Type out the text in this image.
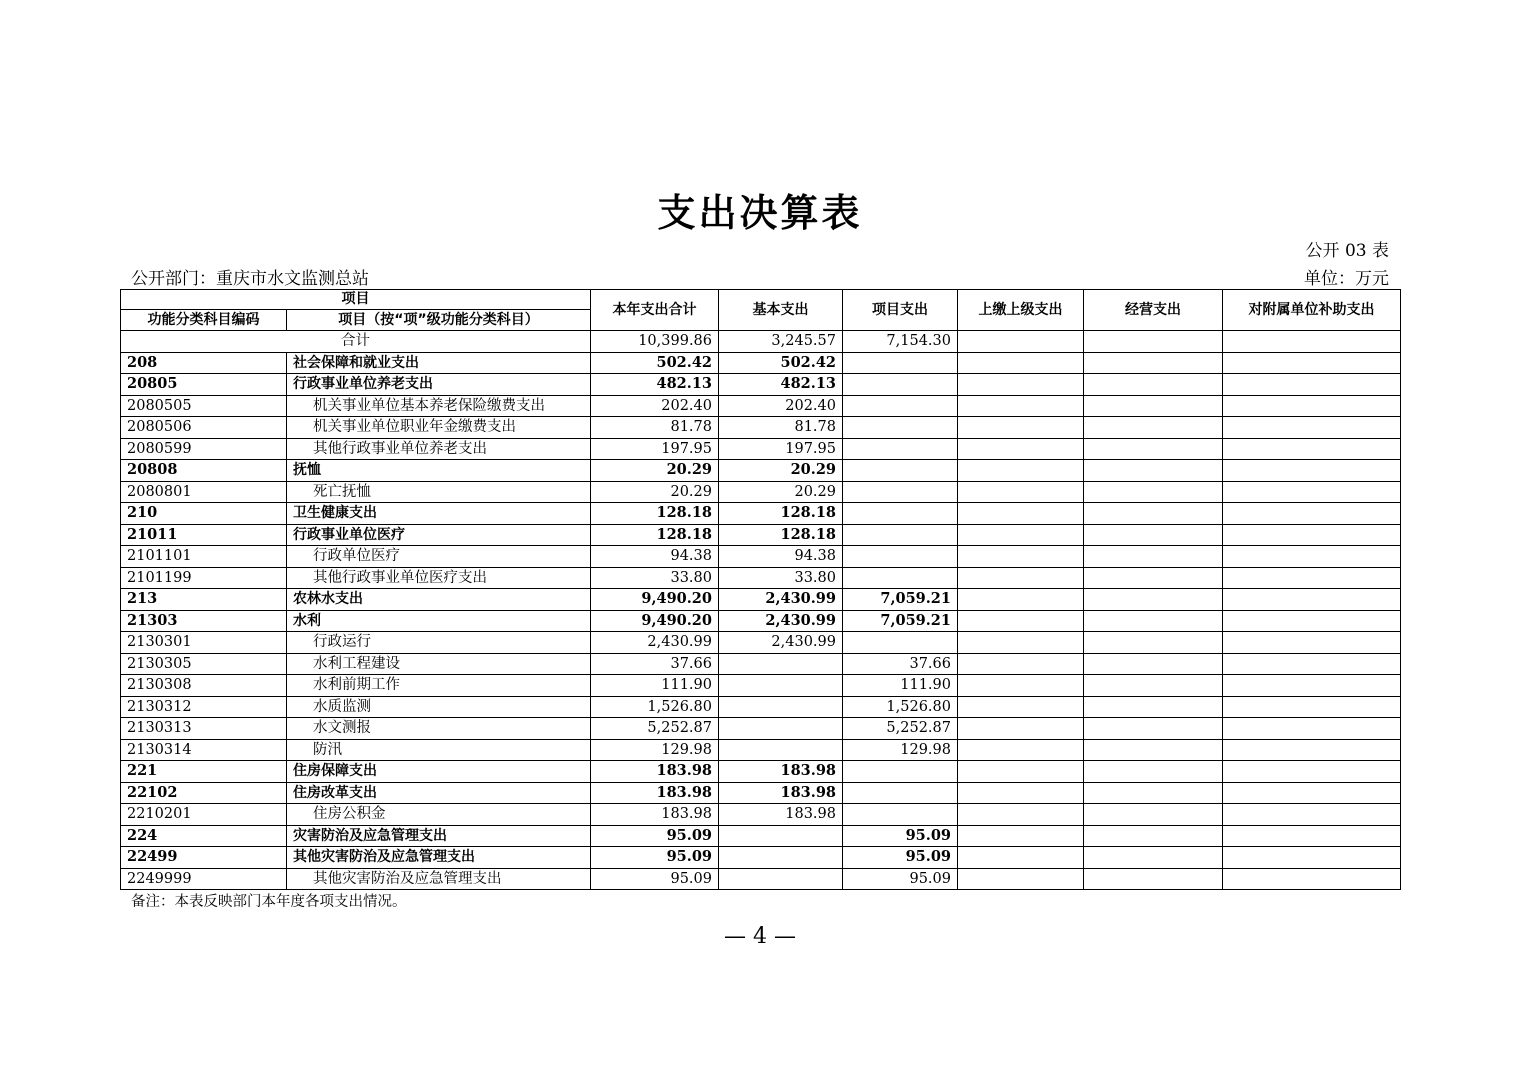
支出决算表
公开 03 表
公开部门：重庆市水文监测总站	单位：万元
项目		本年支出合计	基本支出	项目支出	上缴上级支出	经营支出	对附属单位补助支出
功能分类科目编码	项目（按“项”级功能分类科目）						
合计		10,399.86	3,245.57	7,154.30			
208	社会保障和就业支出	502.42	502.42				
20805	行政事业单位养老支出	482.13	482.13				
2080505	机关事业单位基本养老保险缴费支出	202.40	202.40				
2080506	机关事业单位职业年金缴费支出	81.78	81.78				
2080599	其他行政事业单位养老支出	197.95	197.95				
20808	抚恤	20.29	20.29				
2080801	死亡抚恤	20.29	20.29				
210	卫生健康支出	128.18	128.18				
21011	行政事业单位医疗	128.18	128.18				
2101101	行政单位医疗	94.38	94.38				
2101199	其他行政事业单位医疗支出	33.80	33.80				
213	农林水支出	9,490.20	2,430.99	7,059.21			
21303	水利	9,490.20	2,430.99	7,059.21			
2130301	行政运行	2,430.99	2,430.99				
2130305	水利工程建设	37.66		37.66			
2130308	水利前期工作	111.90		111.90			
2130312	水质监测	1,526.80		1,526.80			
2130313	水文测报	5,252.87		5,252.87			
2130314	防汛	129.98		129.98			
221	住房保障支出	183.98	183.98				
22102	住房改革支出	183.98	183.98				
2210201	住房公积金	183.98	183.98				
224	灾害防治及应急管理支出	95.09		95.09			
22499	其他灾害防治及应急管理支出	95.09		95.09			
2249999	其他灾害防治及应急管理支出	95.09		95.09			
备注：本表反映部门本年度各项支出情况。
— 4 —
